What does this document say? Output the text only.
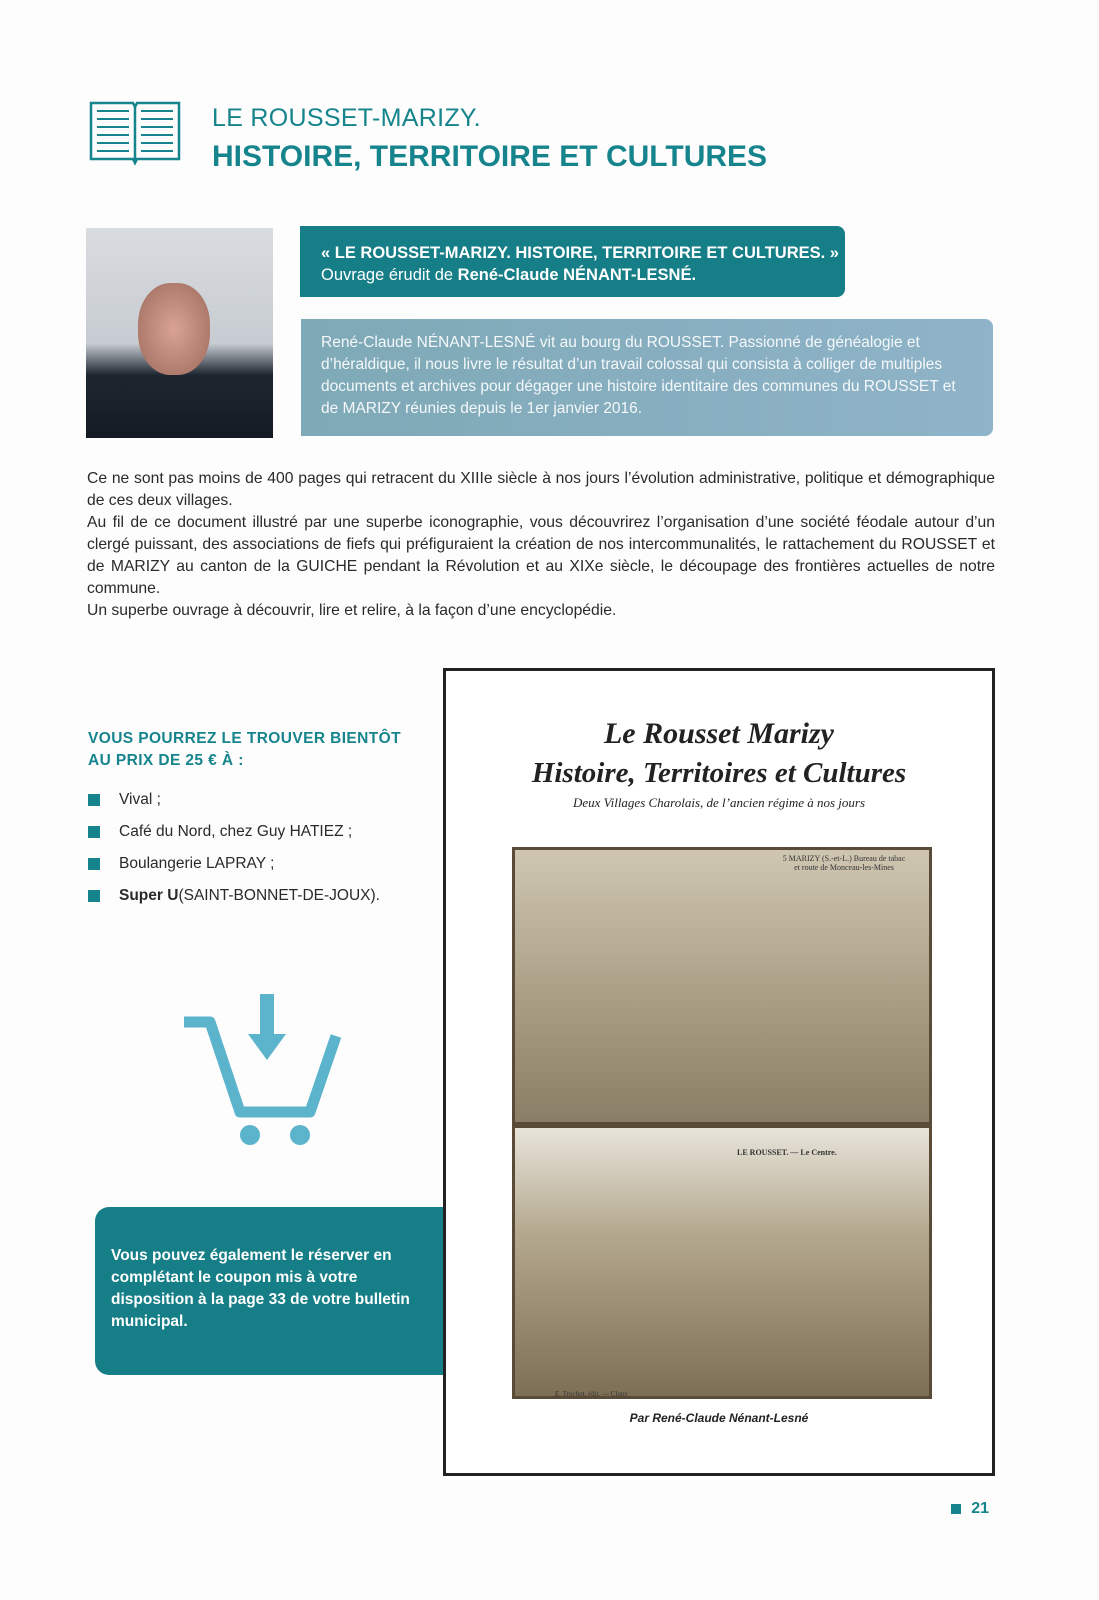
LE ROUSSET-MARIZY.
HISTOIRE, TERRITOIRE ET CULTURES
« LE ROUSSET-MARIZY. HISTOIRE, TERRITOIRE ET CULTURES. »
Ouvrage érudit de René-Claude NÉNANT-LESNÉ.
René-Claude NÉNANT-LESNÉ vit au bourg du ROUSSET. Passionné de généalogie et d’héraldique, il nous livre le résultat d’un travail colossal qui consista à colliger de multiples documents et archives pour dégager une histoire identitaire des communes du ROUSSET et de MARIZY réunies depuis le 1er janvier 2016.

Ce ne sont pas moins de 400 pages qui retracent du XIIIe siècle à nos jours l’évolution administrative, politique et démographique de ces deux villages.

Au fil de ce document illustré par une superbe iconographie, vous découvrirez l’organisation d’une société féodale autour d’un clergé puissant, des associations de fiefs qui préfiguraient la création de nos intercommunalités, le rattachement du ROUSSET et de MARIZY au canton de la GUICHE pendant la Révolution et au XIXe siècle, le découpage des frontières actuelles de notre commune.

Un superbe ouvrage à découvrir, lire et relire, à la façon d’une encyclopédie.

VOUS POURREZ LE TROUVER BIENTÔT
AU PRIX DE 25 € À :
Vival ;
Café du Nord, chez Guy HATIEZ ;
Boulangerie LAPRAY ;
Super U (SAINT-BONNET-DE-JOUX).
Vous pouvez également le réserver en complétant le coupon mis à votre disposition à la page 33 de votre bulletin municipal.
Le Rousset Marizy
Histoire, Territoires et Cultures
Deux Villages Charolais, de l’ancien régime à nos jours
5 MARIZY (S.-et-L.) Bureau de tabac et route de Monceau-les-Mines
LE ROUSSET. — Le Centre.
E. Trochot, édit. — Cluny
Par René-Claude Nénant-Lesné
21
